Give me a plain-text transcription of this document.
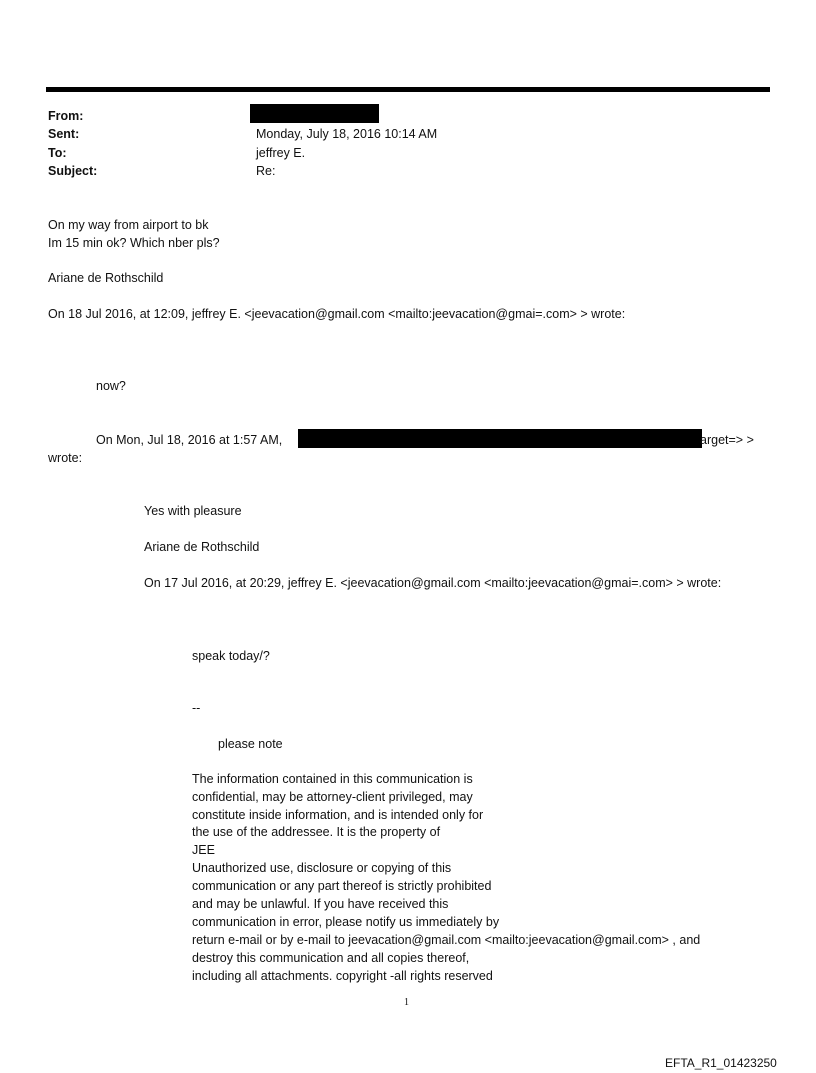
From:
Sent:	Monday, July 18, 2016 10:14 AM
To:	jeffrey E.
Subject:	Re:
On my way from airport to bk
Im 15 min ok? Which nber pls?
Ariane de Rothschild
On 18 Jul 2016, at 12:09, jeffrey E. <jeevacation@gmail.com <mailto:jeevacation@gmai=.com> > wrote:
now?
On Mon, Jul 18, 2016 at 1:57 AM,	arget=> >
wrote:
Yes with pleasure
Ariane de Rothschild
On 17 Jul 2016, at 20:29, jeffrey E. <jeevacation@gmail.com <mailto:jeevacation@gmai=.com> > wrote:
speak today/?
--
please note
The information contained in this communication is
confidential, may be attorney-client privileged, may
constitute inside information, and is intended only for
the use of the addressee. It is the property of
JEE
Unauthorized use, disclosure or copying of this
communication or any part thereof is strictly prohibited
and may be unlawful. If you have received this
communication in error, please notify us immediately by
return e-mail or by e-mail to jeevacation@gmail.com <mailto:jeevacation@gmail.com> , and
destroy this communication and all copies thereof,
including all attachments. copyright -all rights reserved
1
EFTA_R1_01423250
